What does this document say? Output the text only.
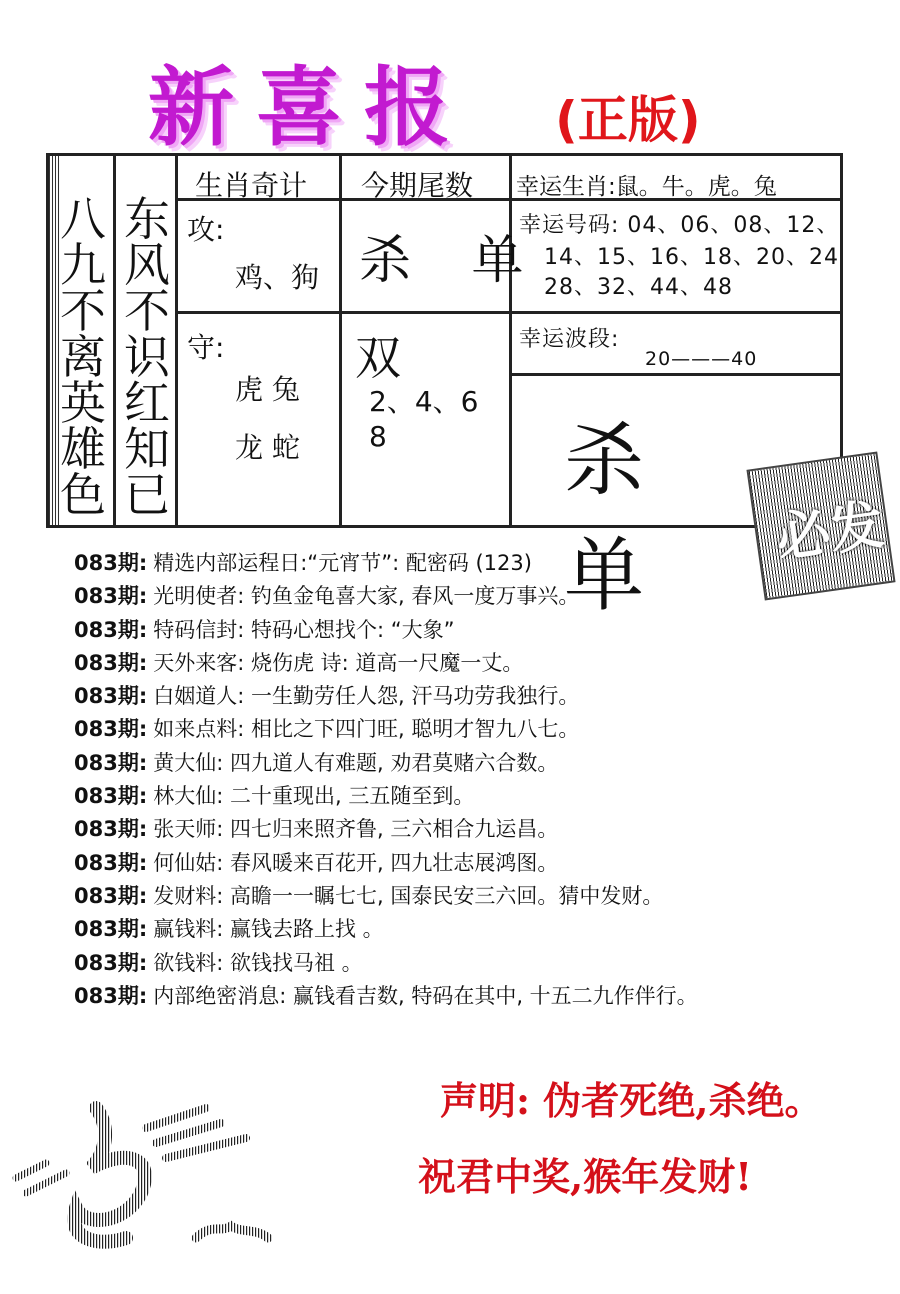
新喜报 (正版)
八九不离英雄色
东风不识红知已
生肖奇计 今期尾数 幸运生肖:鼠。牛。虎。兔
攻:
鸡、狗 杀 单
幸运号码: 04、06、08、12、
14、15、16、18、20、24
28、32、44、48
守:
虎 兔
龙 蛇
双
2、4、6
8
幸运波段:
20———40
杀 单	必发
083期: 精选内部运程日:“元宵节”: 配密码 (123)
083期: 光明使者: 钓鱼金龟喜大家, 春风一度万事兴。
083期: 特码信封: 特码心想找个: “大象”
083期: 天外来客: 烧伤虎 诗: 道高一尺魔一丈。
083期: 白姻道人: 一生勤劳任人怨, 汗马功劳我独行。
083期: 如来点料: 相比之下四门旺, 聪明才智九八七。
083期: 黄大仙: 四九道人有难题, 劝君莫赌六合数。
083期: 林大仙: 二十重现出, 三五随至到。
083期: 张天师: 四七归来照齐鲁, 三六相合九运昌。
083期: 何仙姑: 春风暖来百花开, 四九壮志展鸿图。
083期: 发财料: 高瞻一一瞩七七, 国泰民安三六回。猜中发财。
083期: 赢钱料: 赢钱去路上找 。
083期: 欲钱料: 欲钱找马祖 。
083期: 内部绝密消息: 赢钱看吉数, 特码在其中, 十五二九作伴行。
声明: 伪者死绝,杀绝。
祝君中奖,猴年发财!
